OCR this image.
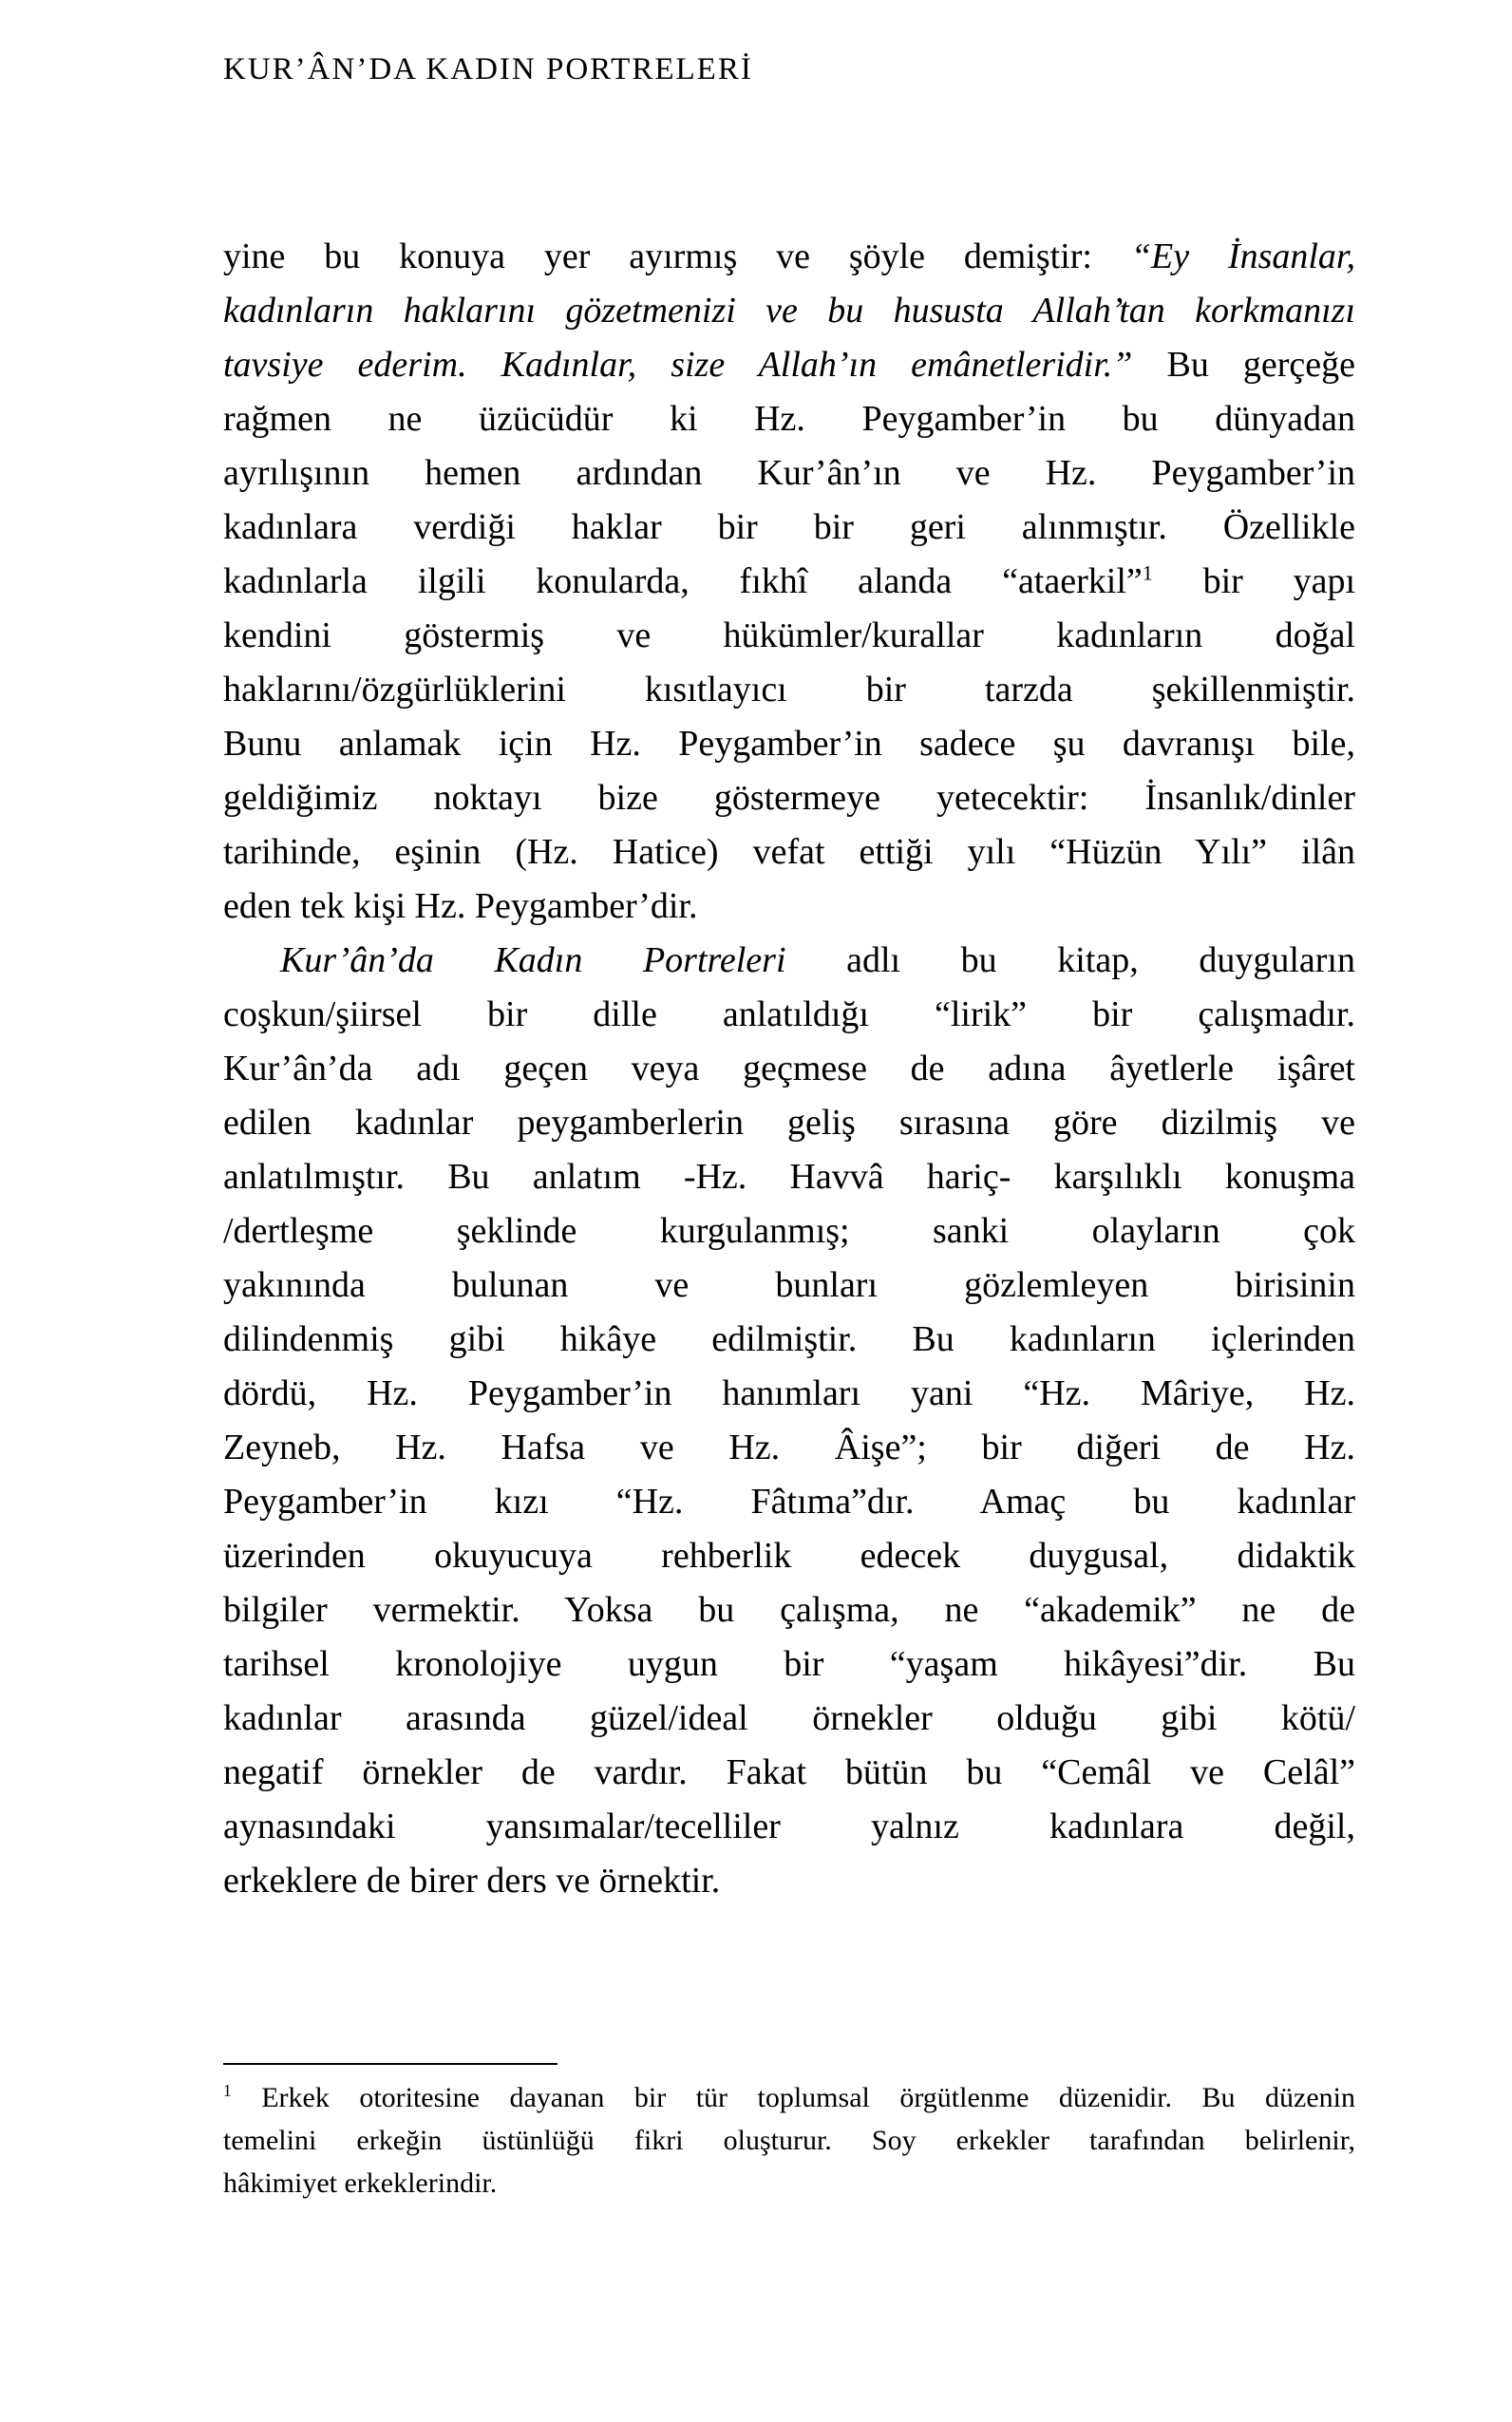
KUR’ÂN’DA KADIN PORTRELERİ
yine bu konuya yer ayırmış ve şöyle demiştir: “Ey İnsanlar,
kadınların haklarını gözetmenizi ve bu hususta Allah’tan korkmanızı
tavsiye ederim. Kadınlar, size Allah’ın emânetleridir.” Bu gerçeğe
rağmen ne üzücüdür ki Hz. Peygamber’in bu dünyadan
ayrılışının hemen ardından Kur’ân’ın ve Hz. Peygamber’in
kadınlara verdiği haklar bir bir geri alınmıştır. Özellikle
kadınlarla ilgili konularda, fıkhî alanda “ataerkil”$^1$ bir yapı
kendini göstermiş ve hükümler/kurallar kadınların doğal
haklarını/özgürlüklerini kısıtlayıcı bir tarzda şekillenmiştir.
Bunu anlamak için Hz. Peygamber’in sadece şu davranışı bile,
geldiğimiz noktayı bize göstermeye yetecektir: İnsanlık/dinler
tarihinde, eşinin (Hz. Hatice) vefat ettiği yılı “Hüzün Yılı” ilân
eden tek kişi Hz. Peygamber’dir.
Kur’ân’da Kadın Portreleri adlı bu kitap, duyguların
coşkun/şiirsel bir dille anlatıldığı “lirik” bir çalışmadır.
Kur’ân’da adı geçen veya geçmese de adına âyetlerle işâret
edilen kadınlar peygamberlerin geliş sırasına göre dizilmiş ve
anlatılmıştır. Bu anlatım -Hz. Havvâ hariç- karşılıklı konuşma
/dertleşme şeklinde kurgulanmış; sanki olayların çok
yakınında bulunan ve bunları gözlemleyen birisinin
dilindenmiş gibi hikâye edilmiştir. Bu kadınların içlerinden
dördü, Hz. Peygamber’in hanımları yani “Hz. Mâriye, Hz.
Zeyneb, Hz. Hafsa ve Hz. Âişe”; bir diğeri de Hz.
Peygamber’in kızı “Hz. Fâtıma”dır. Amaç bu kadınlar
üzerinden okuyucuya rehberlik edecek duygusal, didaktik
bilgiler vermektir. Yoksa bu çalışma, ne “akademik” ne de
tarihsel kronolojiye uygun bir “yaşam hikâyesi”dir. Bu
kadınlar arasında güzel/ideal örnekler olduğu gibi kötü/
negatif örnekler de vardır. Fakat bütün bu “Cemâl ve Celâl”
aynasındaki yansımalar/tecelliler yalnız kadınlara değil,
erkeklere de birer ders ve örnektir.
$^1$ Erkek otoritesine dayanan bir tür toplumsal örgütlenme düzenidir. Bu düzenin
temelini erkeğin üstünlüğü fikri oluşturur. Soy erkekler tarafından belirlenir,
hâkimiyet erkeklerindir.
